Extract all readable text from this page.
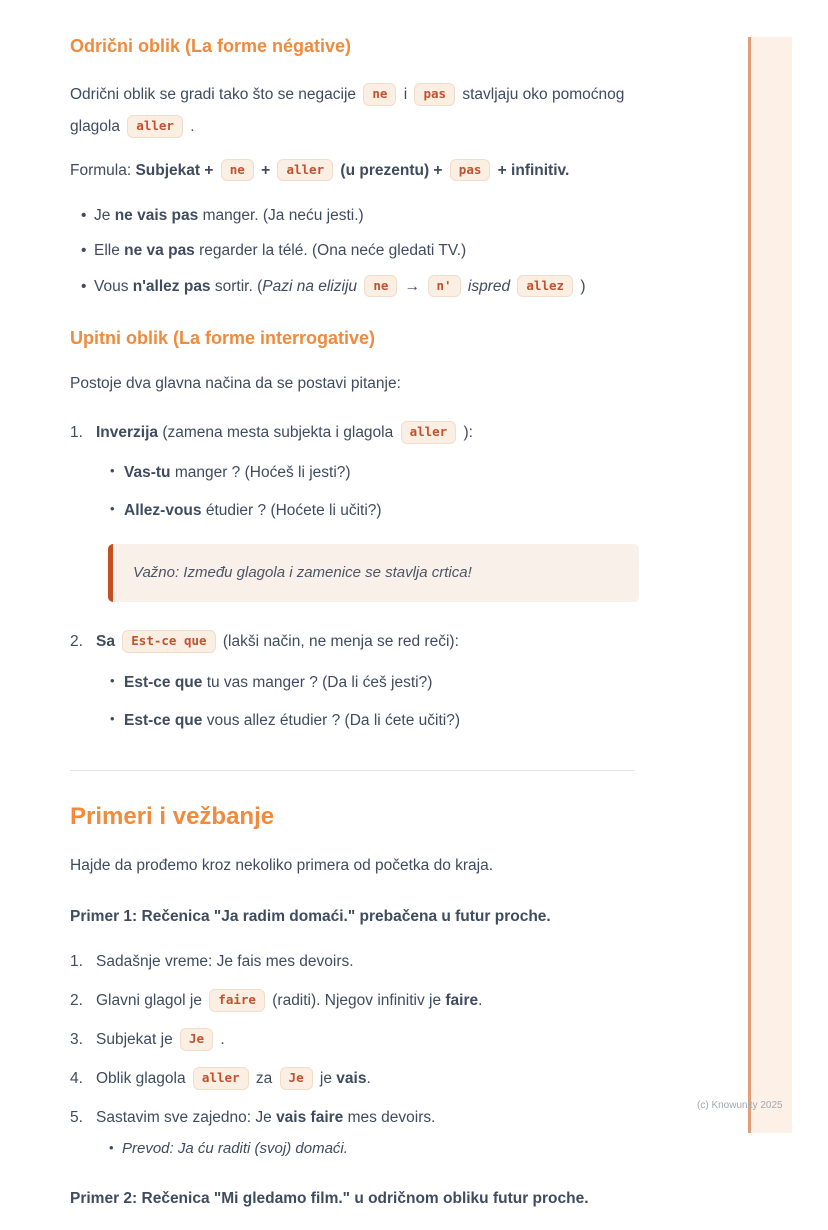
Odrični oblik (La forme négative)

Odrični oblik se gradi tako što se negacije ne i pas stavljaju oko pomoćnog glagola aller .

Formula: Subjekat + ne + aller (u prezentu) + pas + infinitiv.

• Je ne vais pas manger. (Ja neću jesti.)
• Elle ne va pas regarder la télé. (Ona neće gledati TV.)
• Vous n'allez pas sortir. (Pazi na eliziju ne → n' ispred allez )
Upitni oblik (La forme interrogative)

Postoje dva glavna načina da se postavi pitanje:

Inverzija (zamena mesta subjekta i glagola aller ):
• Vas-tu manger ? (Hoćeš li jesti?)
• Allez-vous étudier ? (Hoćete li učiti?)

Važno: Između glagola i zamenice se stavlja crtica!

Sa Est-ce que (lakši način, ne menja se red reči):
• Est-ce que tu vas manger ? (Da li ćeš jesti?)
• Est-ce que vous allez étudier ? (Da li ćete učiti?)
Primeri i vežbanje

Hajde da prođemo kroz nekoliko primera od početka do kraja.

Primer 1: Rečenica "Ja radim domaći." prebačena u futur proche.

Sadašnje vreme: Je fais mes devoirs.
Glavni glagol je faire (raditi). Njegov infinitiv je faire.
Subjekat je Je .
Oblik glagola aller za Je je vais.
Sastavim sve zajedno: Je vais faire mes devoirs.
• Prevod: Ja ću raditi (svoj) domaći.

Primer 2: Rečenica "Mi gledamo film." u odričnom obliku futur proche.

(c) Knowunity 2025
